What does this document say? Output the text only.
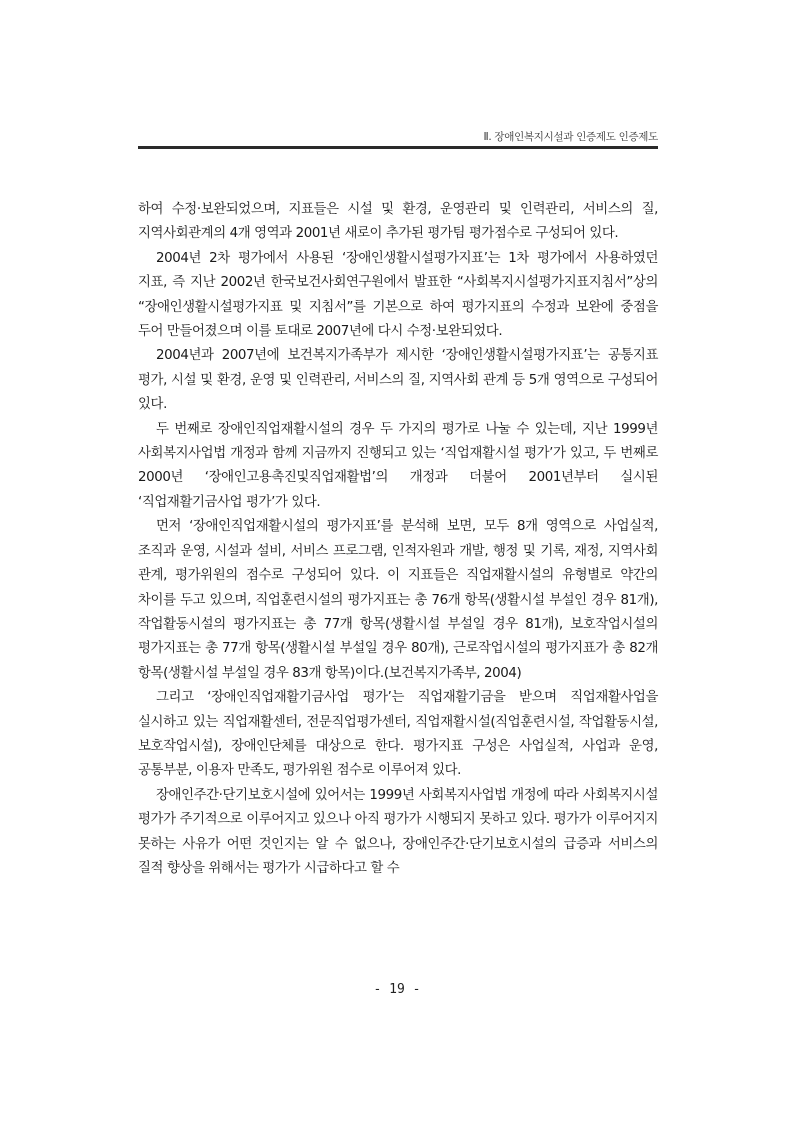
Ⅱ. 장애인복지시설과 인증제도 인증제도

하여 수정‧보완되었으며, 지표들은 시설 및 환경, 운영관리 및 인력관리, 서비스의 질, 지역사회관계의 4개 영역과 2001년 새로이 추가된 평가팀 평가점수로 구성되어 있다.

2004년 2차 평가에서 사용된 ‘장애인생활시설평가지표’는 1차 평가에서 사용하였던 지표, 즉 지난 2002년 한국보건사회연구원에서 발표한 “사회복지시설평가지표지침서”상의 “장애인생활시설평가지표 및 지침서”를 기본으로 하여 평가지표의 수정과 보완에 중점을 두어 만들어졌으며 이를 토대로 2007년에 다시 수정‧보완되었다.

2004년과 2007년에 보건복지가족부가 제시한 ‘장애인생활시설평가지표’는 공통지표 평가, 시설 및 환경, 운영 및 인력관리, 서비스의 질, 지역사회 관계 등 5개 영역으로 구성되어 있다.

두 번째로 장애인직업재활시설의 경우 두 가지의 평가로 나눌 수 있는데, 지난 1999년 사회복지사업법 개정과 함께 지금까지 진행되고 있는 ‘직업재활시설 평가’가 있고, 두 번째로 2000년 ‘장애인고용촉진및직업재활법’의 개정과 더불어 2001년부터 실시된 ‘직업재활기금사업 평가’가 있다.

먼저 ‘장애인직업재활시설의 평가지표’를 분석해 보면, 모두 8개 영역으로 사업실적, 조직과 운영, 시설과 설비, 서비스 프로그램, 인적자원과 개발, 행정 및 기록, 재정, 지역사회 관계, 평가위원의 점수로 구성되어 있다. 이 지표들은 직업재활시설의 유형별로 약간의 차이를 두고 있으며, 직업훈련시설의 평가지표는 총 76개 항목(생활시설 부설인 경우 81개), 작업활동시설의 평가지표는 총 77개 항목(생활시설 부설일 경우 81개), 보호작업시설의 평가지표는 총 77개 항목(생활시설 부설일 경우 80개), 근로작업시설의 평가지표가 총 82개 항목(생활시설 부설일 경우 83개 항목)이다.(보건복지가족부, 2004)

그리고 ‘장애인직업재활기금사업 평가’는 직업재활기금을 받으며 직업재활사업을 실시하고 있는 직업재활센터, 전문직업평가센터, 직업재활시설(직업훈련시설, 작업활동시설, 보호작업시설), 장애인단체를 대상으로 한다. 평가지표 구성은 사업실적, 사업과 운영, 공통부분, 이용자 만족도, 평가위원 점수로 이루어져 있다.

장애인주간‧단기보호시설에 있어서는 1999년 사회복지사업법 개정에 따라 사회복지시설 평가가 주기적으로 이루어지고 있으나 아직 평가가 시행되지 못하고 있다. 평가가 이루어지지 못하는 사유가 어떤 것인지는 알 수 없으나, 장애인주간‧단기보호시설의 급증과 서비스의 질적 향상을 위해서는 평가가 시급하다고 할 수

- 19 -
